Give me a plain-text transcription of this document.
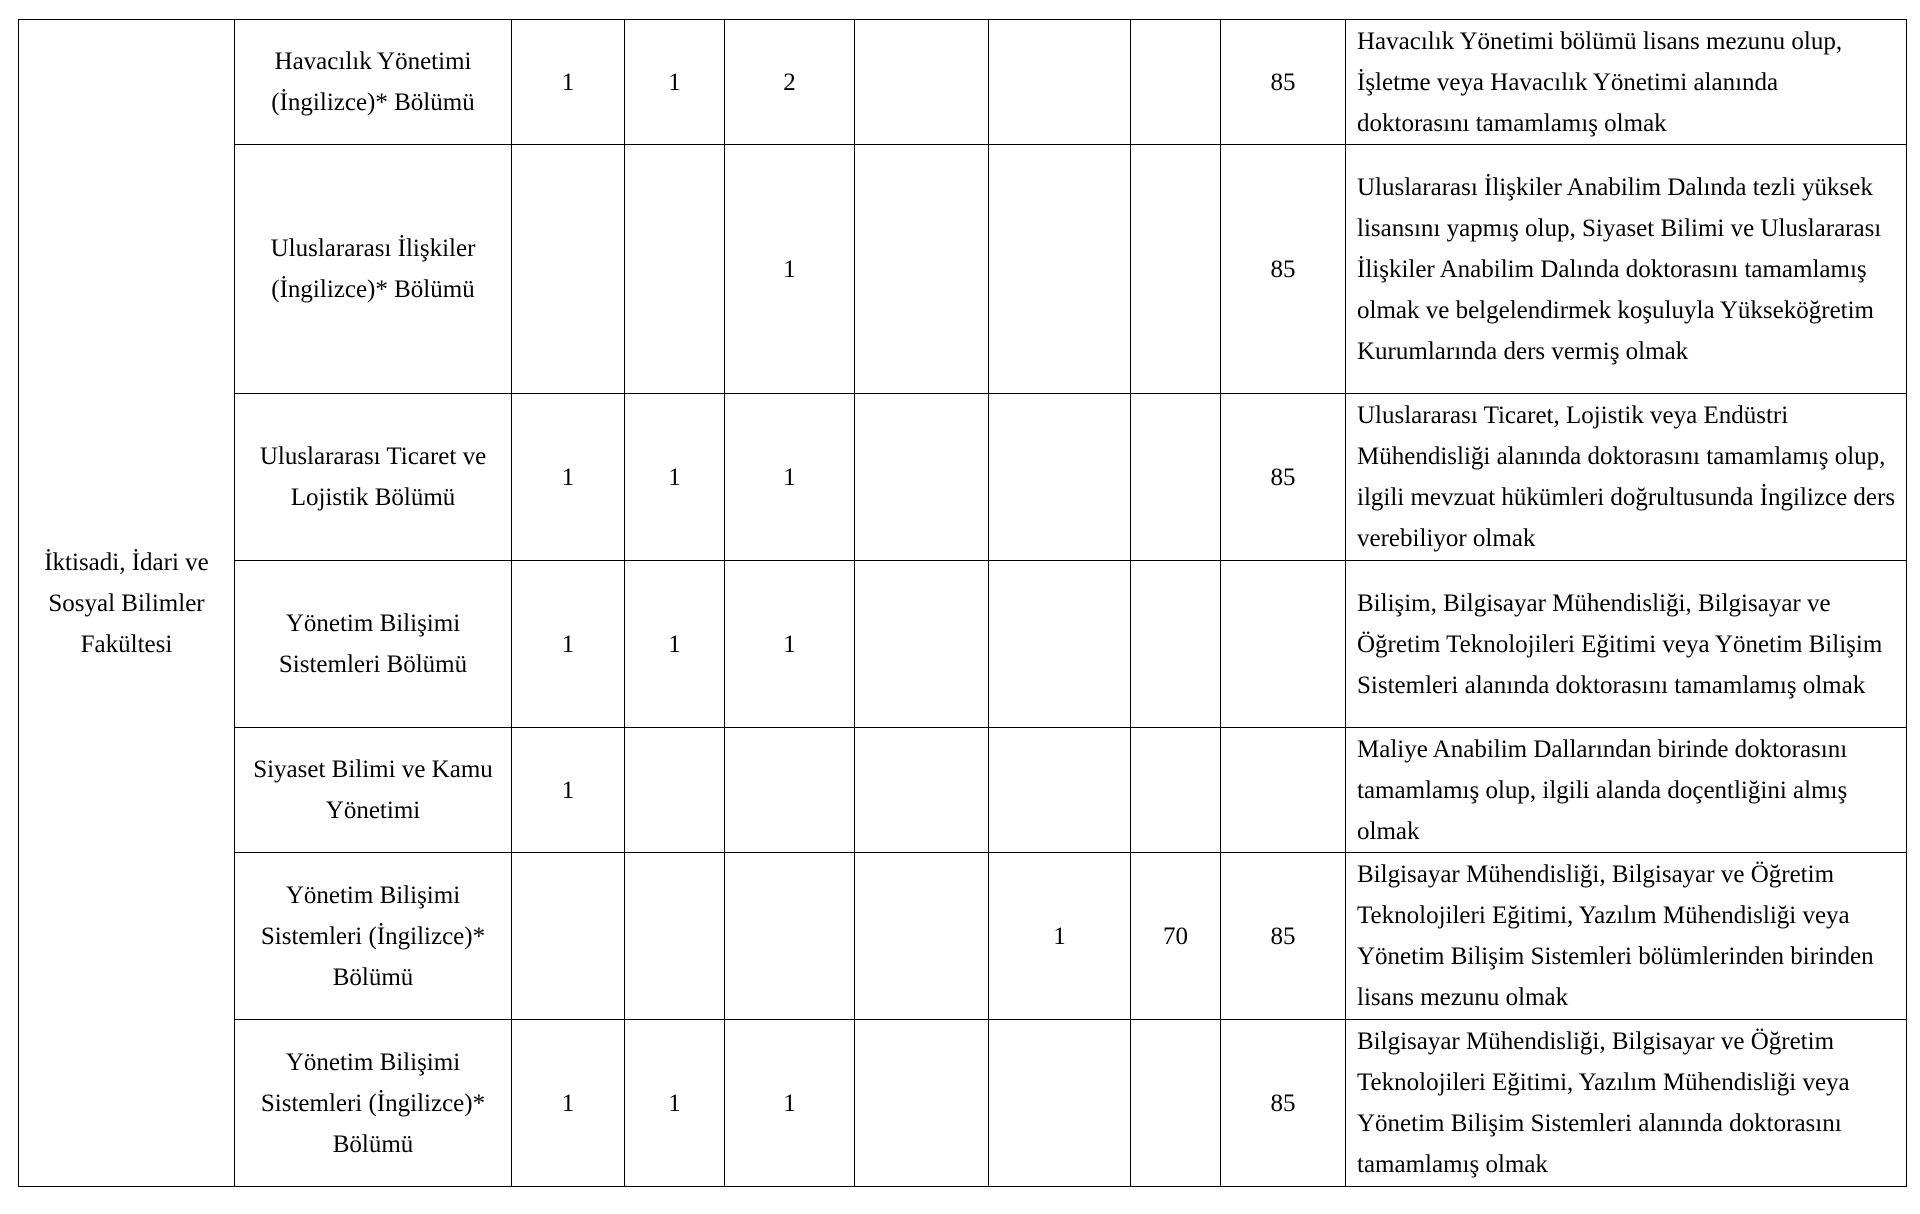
İktisadi, İdari ve Sosyal Bilimler Fakültesi	Havacılık Yönetimi (İngilizce)* Bölümü	1	1	2				85	Havacılık Yönetimi bölümü lisans mezunu olup, İşletme veya Havacılık Yönetimi alanında doktorasını tamamlamış olmak
	Uluslararası İlişkiler (İngilizce)* Bölümü			1				85	Uluslararası İlişkiler Anabilim Dalında tezli yüksek lisansını yapmış olup, Siyaset Bilimi ve Uluslararası İlişkiler Anabilim Dalında doktorasını tamamlamış olmak ve belgelendirmek koşuluyla Yükseköğretim Kurumlarında ders vermiş olmak
	Uluslararası Ticaret ve Lojistik Bölümü	1	1	1				85	Uluslararası Ticaret, Lojistik veya Endüstri Mühendisliği alanında doktorasını tamamlamış olup, ilgili mevzuat hükümleri doğrultusunda İngilizce ders verebiliyor olmak
	Yönetim Bilişimi Sistemleri Bölümü	1	1	1					Bilişim, Bilgisayar Mühendisliği, Bilgisayar ve Öğretim Teknolojileri Eğitimi veya Yönetim Bilişim Sistemleri alanında doktorasını tamamlamış olmak
	Siyaset Bilimi ve Kamu Yönetimi	1							Maliye Anabilim Dallarından birinde doktorasını tamamlamış olup, ilgili alanda doçentliğini almış olmak
	Yönetim Bilişimi Sistemleri (İngilizce)* Bölümü					1	70	85	Bilgisayar Mühendisliği, Bilgisayar ve Öğretim Teknolojileri Eğitimi, Yazılım Mühendisliği veya Yönetim Bilişim Sistemleri bölümlerinden birinden lisans mezunu olmak
	Yönetim Bilişimi Sistemleri (İngilizce)* Bölümü	1	1	1				85	Bilgisayar Mühendisliği, Bilgisayar ve Öğretim Teknolojileri Eğitimi, Yazılım Mühendisliği veya Yönetim Bilişim Sistemleri alanında doktorasını tamamlamış olmak
